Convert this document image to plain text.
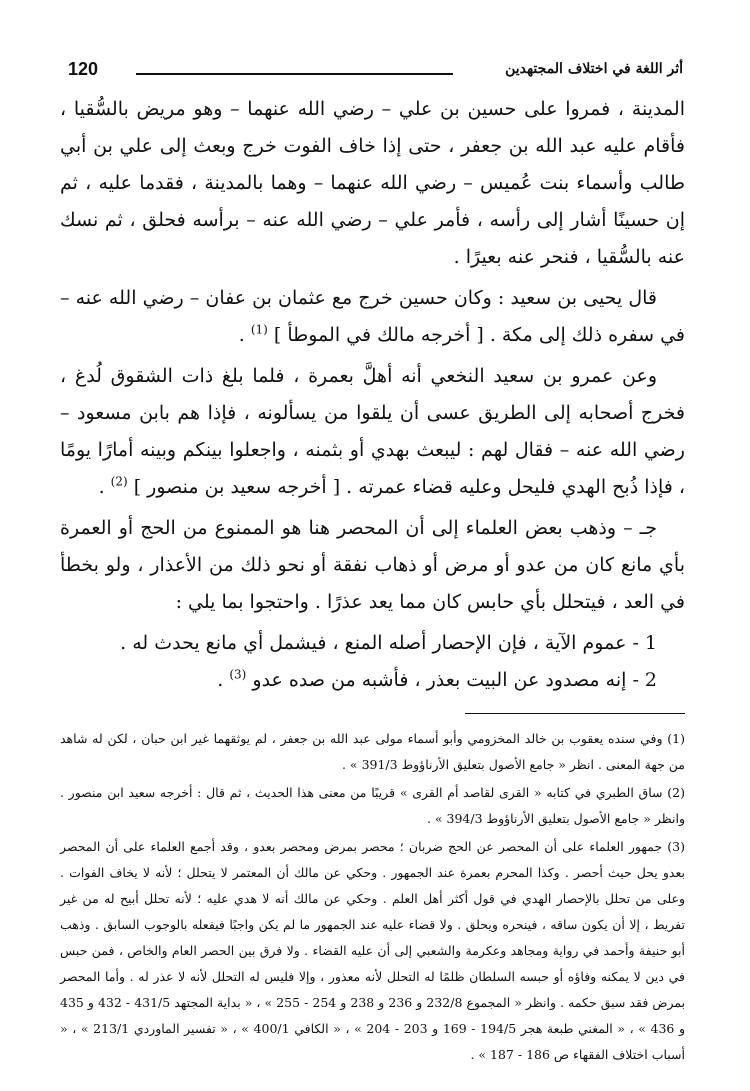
أثر اللغة في اختلاف المجتهدين
120

المدينة ، فمروا على حسين بن علي – رضي الله عنهما – وهو مريض بالسُّقيا ، فأقام عليه عبد الله بن جعفر ، حتى إذا خاف الفوت خرج وبعث إلى علي بن أبي طالب وأسماء بنت عُميس – رضي الله عنهما – وهما بالمدينة ، فقدما عليه ، ثم إن حسينًا أشار إلى رأسه ، فأمر علي – رضي الله عنه – برأسه فحلق ، ثم نسك عنه بالسُّقيا ، فنحر عنه بعيرًا .

قال يحيى بن سعيد : وكان حسين خرج مع عثمان بن عفان – رضي الله عنه – في سفره ذلك إلى مكة . [ أخرجه مالك في الموطأ ] $^{(1)}$ .

وعن عمرو بن سعيد النخعي أنه أهلَّ بعمرة ، فلما بلغ ذات الشقوق لُدغ ، فخرج أصحابه إلى الطريق عسى أن يلقوا من يسألونه ، فإذا هم بابن مسعود – رضي الله عنه – فقال لهم : ليبعث بهدي أو بثمنه ، واجعلوا بينكم وبينه أمارًا يومًا ، فإذا ذُبح الهدي فليحل وعليه قضاء عمرته . [ أخرجه سعيد بن منصور ] $^{(2)}$ .

جـ – وذهب بعض العلماء إلى أن المحصر هنا هو الممنوع من الحج أو العمرة بأي مانع كان من عدو أو مرض أو ذهاب نفقة أو نحو ذلك من الأعذار ، ولو بخطأ في العد ، فيتحلل بأي حابس كان مما يعد عذرًا . واحتجوا بما يلي :

1 - عموم الآية ، فإن الإحصار أصله المنع ، فيشمل أي مانع يحدث له .

2 - إنه مصدود عن البيت بعذر ، فأشبه من صده عدو $^{(3)}$ .

(1) وفي سنده يعقوب بن خالد المخزومي وأبو أسماء مولى عبد الله بن جعفر ، لم يوثقهما غير ابن حبان ، لكن له شاهد من جهة المعنى . انظر « جامع الأصول بتعليق الأرناؤوط 391/3 » .

(2) ساق الطبري في كتابه « القرى لقاصد أم القرى » قريبًا من معنى هذا الحديث ، ثم قال : أخرجه سعيد ابن منصور . وانظر « جامع الأصول بتعليق الأرناؤوط 394/3 » .

(3) جمهور العلماء على أن المحصر عن الحج ضربان ؛ محصر بمرض ومحصر بعدو ، وقد أجمع العلماء على أن المحصر بعدو يحل حيث أحصر . وكذا المحرم بعمرة عند الجمهور . وحكي عن مالك أن المعتمر لا يتحلل ؛ لأنه لا يخاف الفوات . وعلى من تحلل بالإحصار الهدي في قول أكثر أهل العلم . وحكي عن مالك أنه لا هدي عليه ؛ لأنه تحلل أبيح له من غير تفريط ، إلا أن يكون ساقه ، فينحره ويحلق . ولا قضاء عليه عند الجمهور ما لم يكن واجبًا فيفعله بالوجوب السابق . وذهب أبو حنيفة وأحمد في رواية ومجاهد وعكرمة والشعبي إلى أن عليه القضاء . ولا فرق بين الحصر العام والخاص ، فمن حبس في دين لا يمكنه وفاؤه أو حبسه السلطان ظلمًا له التحلل لأنه معذور ، وإلا فليس له التحلل لأنه لا عذر له . وأما المحصر بمرض فقد سبق حكمه . وانظر « المجموع 232/8 و 236 و 238 و 254 - 255 » ، « بداية المجتهد 431/5 - 432 و 435 و 436 » ، « المغني طبعة هجر 194/5 - 169 و 203 - 204 » ، « الكافي 400/1 » ، « تفسير الماوردي 213/1 » ، « أسباب اختلاف الفقهاء ص 186 - 187 » .
